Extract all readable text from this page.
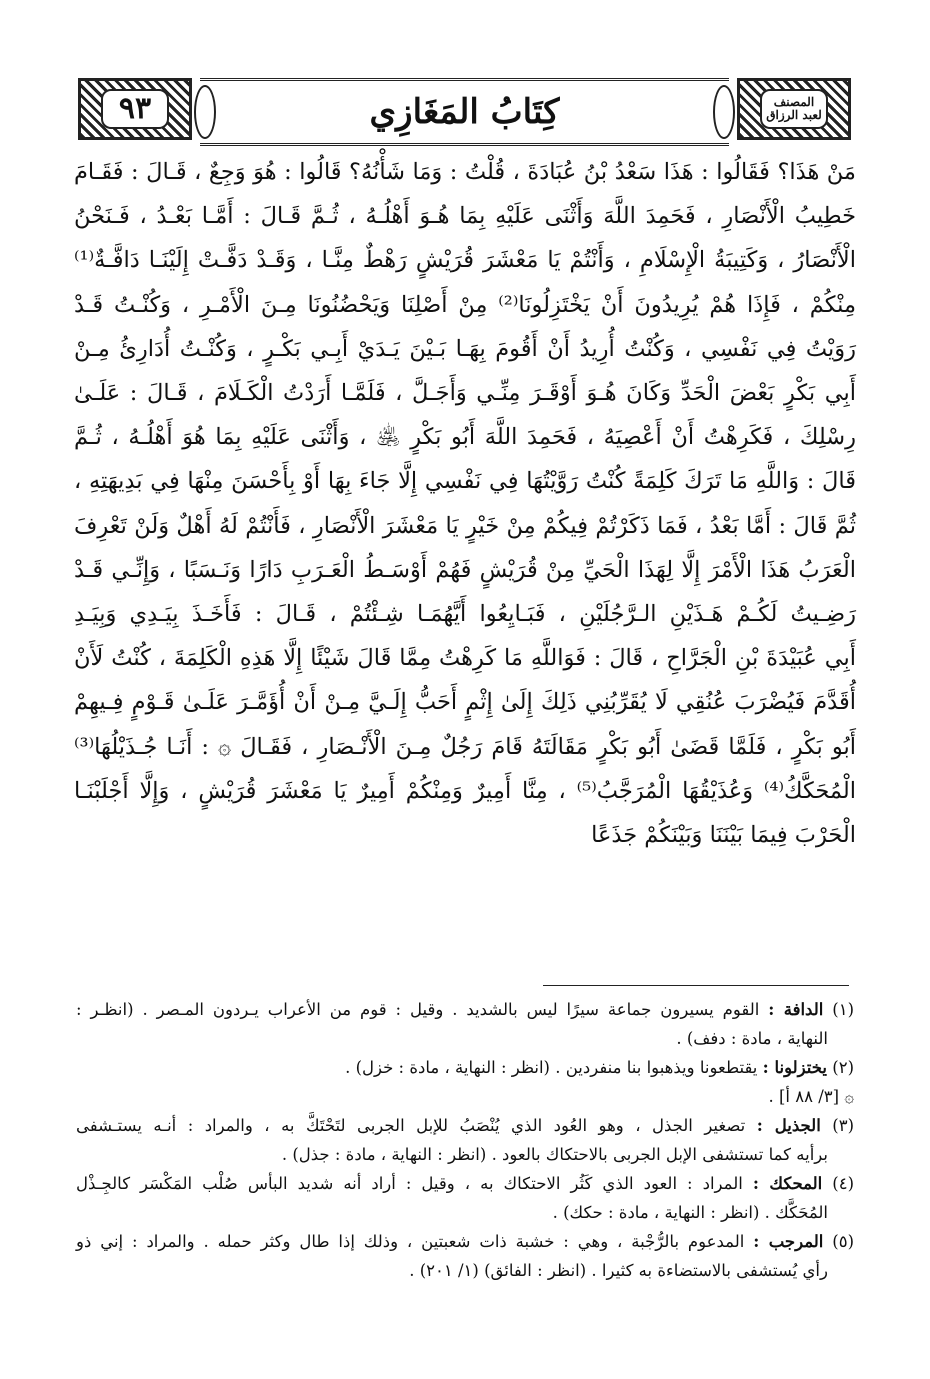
المصنف
لعبد الرزاق
كِتَابُ المَغَازِي
٩٣
مَنْ هَذَا؟ فَقَالُوا : هَذَا سَعْدُ بْنُ عُبَادَةَ ، قُلْتُ : وَمَا شَأْنُهُ؟ قَالُوا : هُوَ وَجِعٌ ، قَـالَ : فَقَـامَ
خَطِيبُ الْأَنْصَارِ ، فَحَمِدَ اللَّهَ وَأَثْنَى عَلَيْهِ بِمَا هُـوَ أَهْلُـهُ ، ثُـمَّ قَـالَ : أَمَّـا بَعْـدُ ، فَـنَحْنُ
الْأَنْصَارُ ، وَكَتِيبَةُ الْإِسْلَامِ ، وَأَنْتُمْ يَا مَعْشَرَ قُرَيْشٍ رَهْطٌ مِنَّـا ، وَقَـدْ دَفَّـتْ إِلَيْنَـا دَافَّـةٌ⁽¹⁾
مِنْكُمْ ، فَإِذَا هُمْ يُرِيدُونَ أَنْ يَخْتَزِلُونَا⁽²⁾ مِنْ أَصْلِنَا وَيَحْضُنُونَا مِـنَ الْأَمْـرِ ، وَكُنْـتُ قَـدْ
رَوَيْتُ فِي نَفْسِي ، وَكُنْتُ أُرِيدُ أَنْ أَقُومَ بِهَـا بَـيْنَ يَـدَيْ أَبِـي بَكْـرٍ ، وَكُنْـتُ أُدَارِئُ مِـنْ
أَبِي بَكْرٍ بَعْضَ الْحَدِّ وَكَانَ هُـوَ أَوْقَـرَ مِنِّـي وَأَجَـلَّ ، فَلَمَّـا أَرَدْتُ الْكَـلَامَ ، قَـالَ : عَلَـىٰ
رِسْلِكَ ، فَكَرِهْتُ أَنْ أَعْصِيَهُ ، فَحَمِدَ اللَّهَ أَبُو بَكْرٍ ﵁ ، وَأَثْنَى عَلَيْهِ بِمَا هُوَ أَهْلُـهُ ، ثُـمَّ
قَالَ : وَاللَّهِ مَا تَرَكَ كَلِمَةً كُنْتُ رَوَّيْتُهَا فِي نَفْسِي إِلَّا جَاءَ بِهَا أَوْ بِأَحْسَنَ مِنْهَا فِي بَدِيهَتِهِ ،
ثُمَّ قَالَ : أَمَّا بَعْدُ ، فَمَا ذَكَرْتُمْ فِيكُمْ مِنْ خَيْرٍ يَا مَعْشَرَ الْأَنْصَارِ ، فَأَنْتُمْ لَهُ أَهْلٌ وَلَنْ تَعْرِفَ
الْعَرَبُ هَذَا الْأَمْرَ إِلَّا لِهَذَا الْحَيِّ مِنْ قُرَيْشٍ فَهُمْ أَوْسَـطُ الْعَـرَبِ دَارًا وَنَـسَبًا ، وَإِنِّـي قَـدْ
رَضِـيتُ لَكُـمْ هَـذَيْنِ الـرَّجُلَيْنِ ، فَبَـايِعُوا أَيَّهُمَـا شِـئْتُمْ ، قَـالَ : فَأَخَـذَ بِيَـدِي وَبِيَـدِ
أَبِي عُبَيْدَةَ بْنِ الْجَرَّاحِ ، قَالَ : فَوَاللَّهِ مَا كَرِهْتُ مِمَّا قَالَ شَيْئًا إِلَّا هَذِهِ الْكَلِمَةَ ، كُنْتُ لَأَنْ
أُقَدَّمَ فَيُضْرَبَ عُنُقِي لَا يُقَرِّبُنِي ذَلِكَ إِلَىٰ إِثْمٍ أَحَبُّ إِلَـيَّ مِـنْ أَنْ أُؤَمَّـرَ عَلَـىٰ قَـوْمٍ فِـيهِمْ
أَبُو بَكْرٍ ، فَلَمَّا قَضَىٰ أَبُو بَكْرٍ مَقَالَتَهُ قَامَ رَجُلٌ مِـنَ الْأَنْـصَارِ ، فَقَـالَ ۞ : أَنَـا جُـذَيْلُهَا⁽³⁾
الْمُحَكَّكُ⁽⁴⁾ وَعُذَيْقُهَا الْمُرَجَّبُ⁽⁵⁾ ، مِنَّا أَمِيرٌ وَمِنْكُمْ أَمِيرٌ يَا مَعْشَرَ قُرَيْشٍ ، وَإِلَّا أَجْلَبْنَـا
الْحَرْبَ فِيمَا بَيْنَنَا وَبَيْنَكُمْ جَذَعًا
(١) الدافة : القوم يسيرون جماعة سيرًا ليس بالشديد . وقيل : قوم من الأعراب يـردون المـصر . (انظـر :
النهاية ، مادة : دفف) .
(٢) يختزلونا : يقتطعونا ويذهبوا بنا منفردين . (انظر : النهاية ، مادة : خزل) .
۞ [٣/ ٨٨ أ] .
(٣) الجذيل : تصغير الجذل ، وهو العُود الذي يُنْصَبُ للإبل الجربى لتَحْتَكَّ به ، والمراد : أنـه يستـشفى
برأيه كما تستشفى الإبل الجربى بالاحتكاك بالعود . (انظر : النهاية ، مادة : جذل) .
(٤) المحكك : المراد : العود الذي كَثُر الاحتكاك به ، وقيل : أراد أنه شديد البأس صُلْب المَكْسَر كالجِـذْل
المُحَكَّك . (انظر : النهاية ، مادة : حكك) .
(٥) المرجب : المدعوم بالرُّجْبة ، وهي : خشبة ذات شعبتين ، وذلك إذا طال وكثر حمله . والمراد : إني ذو
رأي يُستشفى بالاستضاءة به كثيرا . (انظر : الفائق) (١/ ٢٠١) .
